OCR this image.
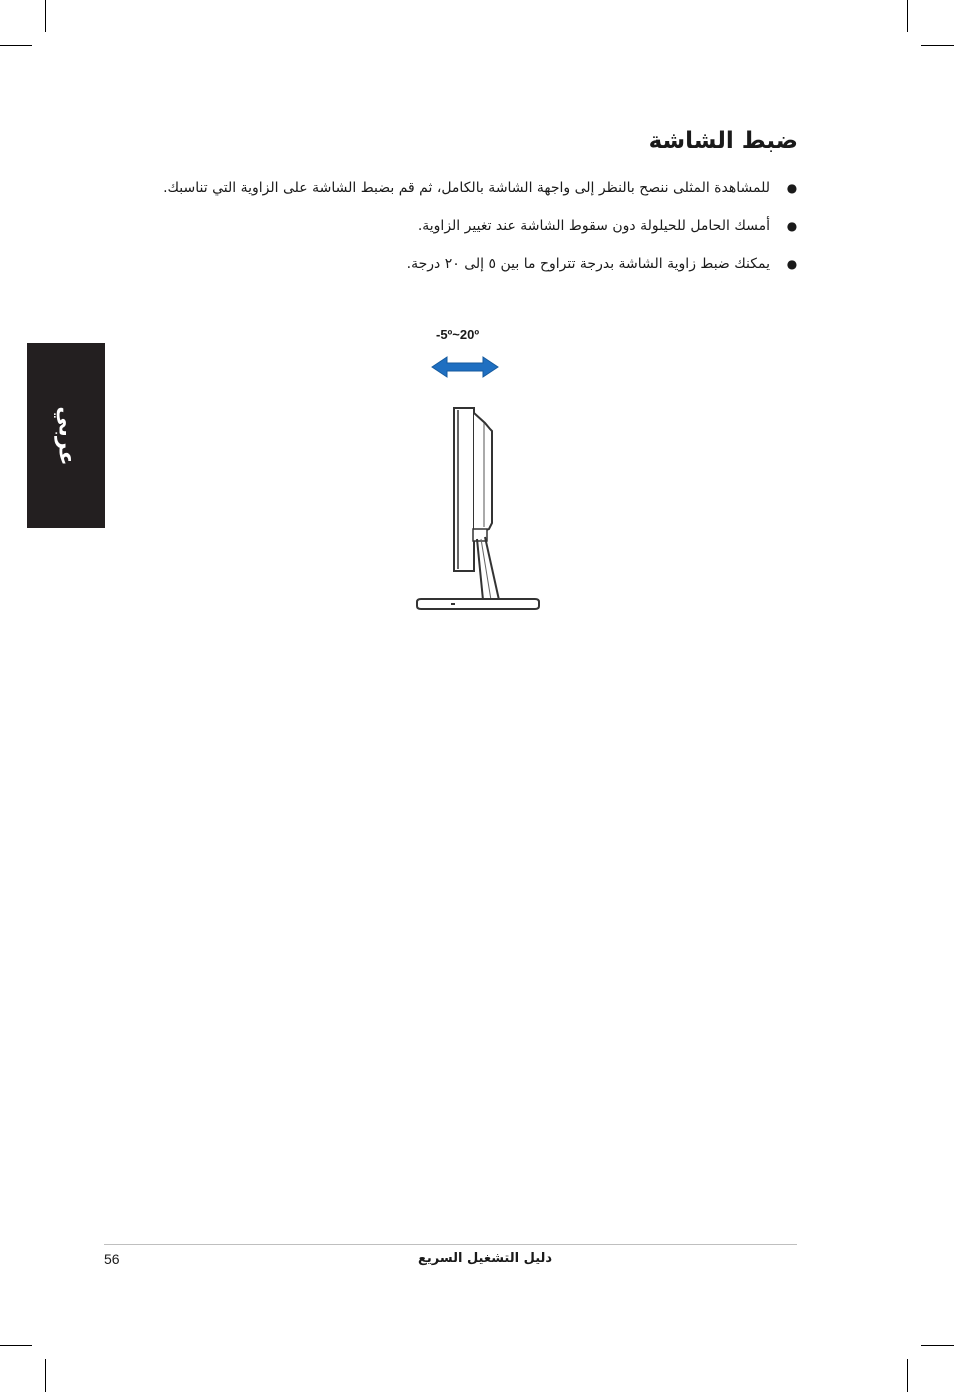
عربي
ضبط الشاشة
●
للمشاهدة المثلى ننصح بالنظر إلى واجهة الشاشة بالكامل، ثم قم بضبط الشاشة على الزاوية التي تناسبك.
●
أمسك الحامل للحيلولة دون سقوط الشاشة عند تغيير الزاوية.
●
يمكنك ضبط زاوية الشاشة بدرجة تتراوح ما بين ٥ إلى ٢٠ درجة.
-5º~20º
56	دليل التشغيل السريع
